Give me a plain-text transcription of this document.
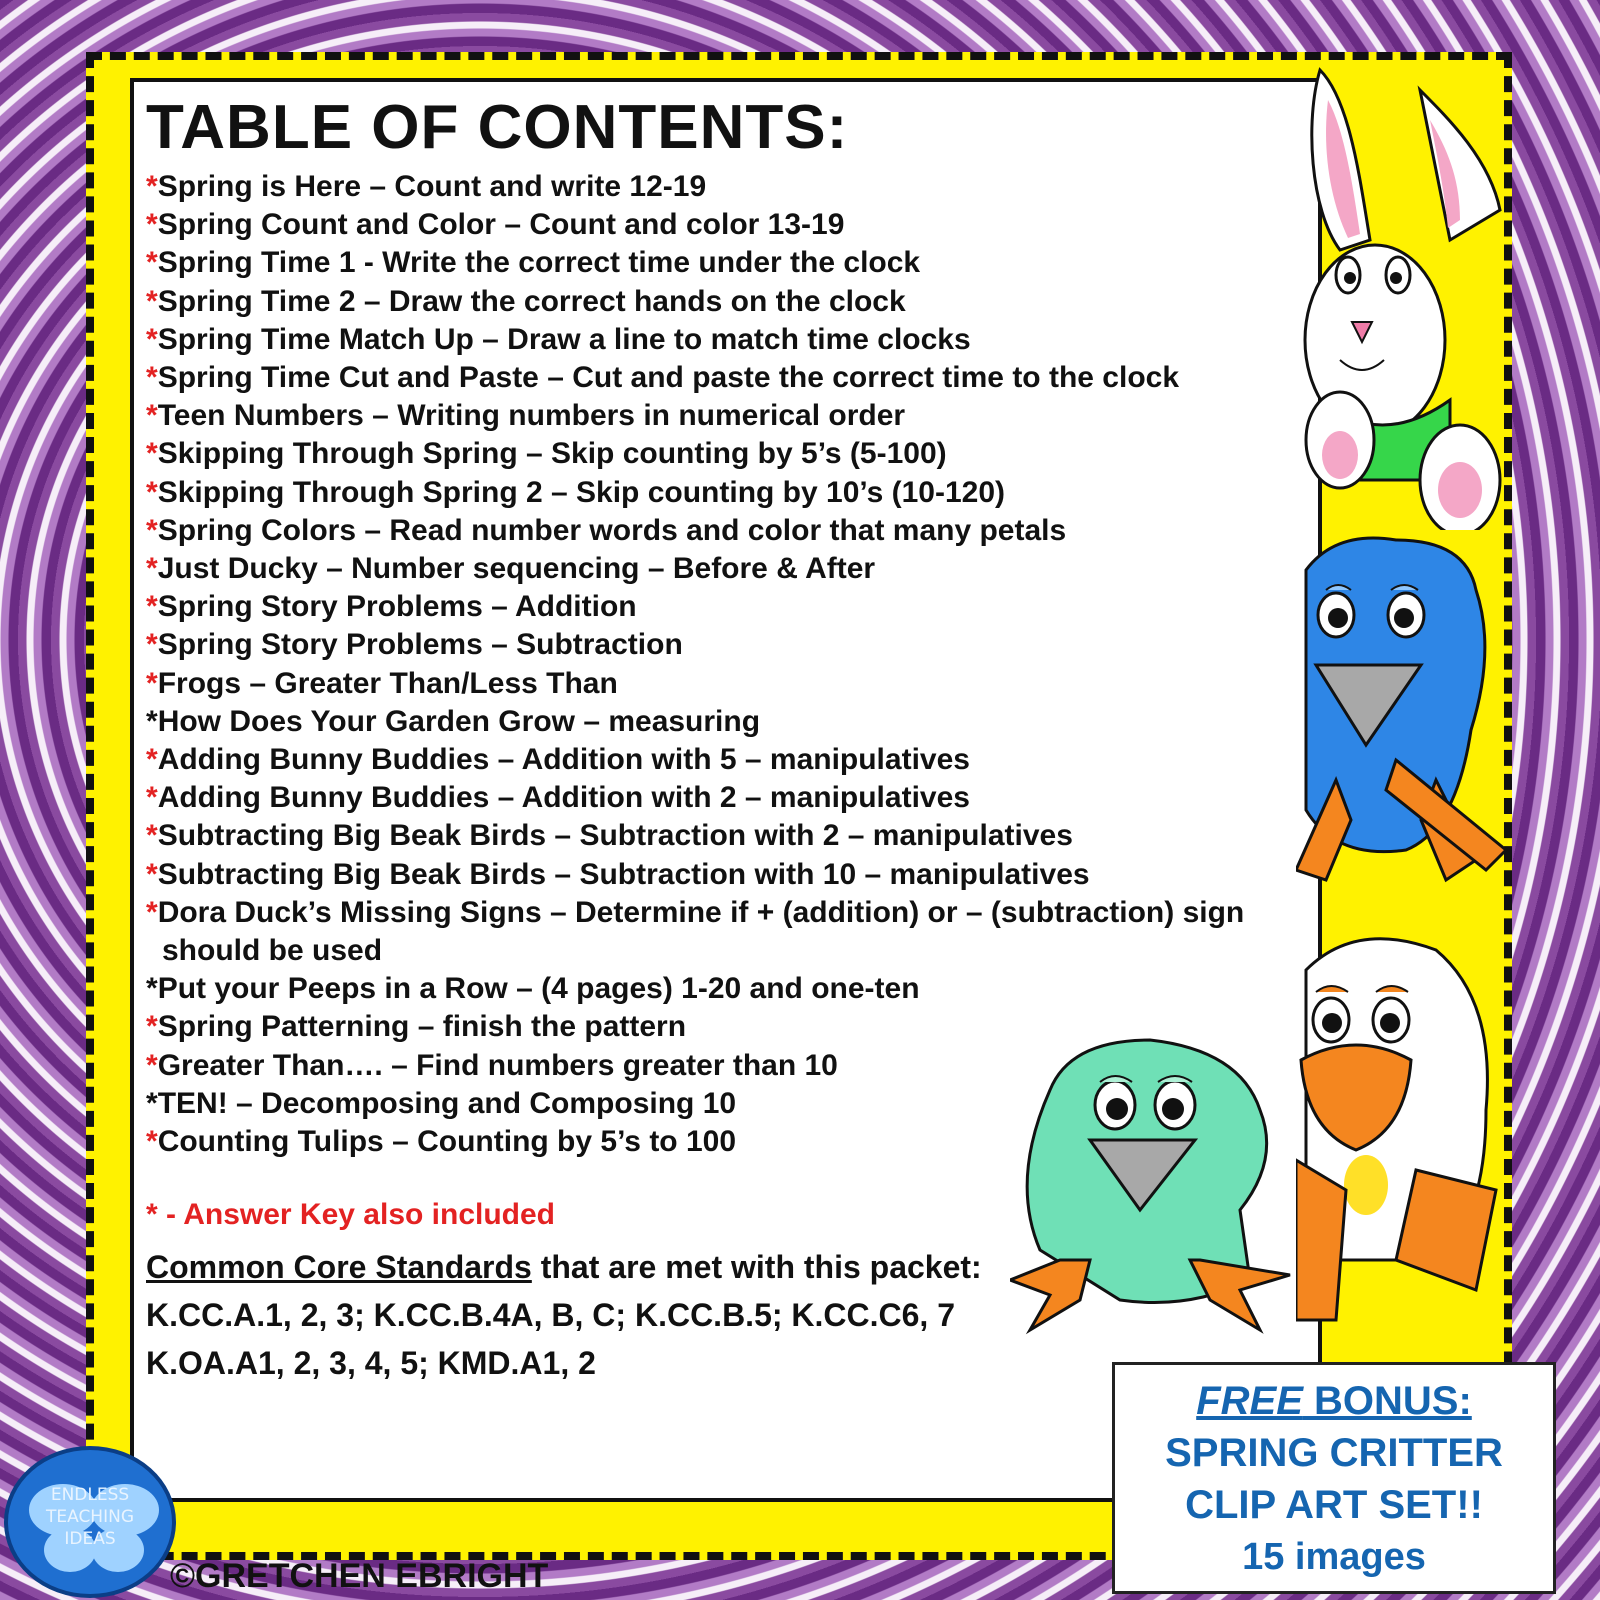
TABLE OF CONTENTS:
*Spring is Here – Count and write 12-19
*Spring Count and Color – Count and color 13-19
*Spring Time 1 - Write the correct time under the clock
*Spring Time 2 – Draw the correct hands on the clock
*Spring Time Match Up – Draw a line to match time clocks
*Spring Time Cut and Paste – Cut and paste the correct time to the clock
*Teen Numbers – Writing numbers in numerical order
*Skipping Through Spring – Skip counting by 5’s (5-100)
*Skipping Through Spring 2 – Skip counting by 10’s (10-120)
*Spring Colors – Read number words and color that many petals
*Just Ducky – Number sequencing – Before & After
*Spring Story Problems – Addition
*Spring Story Problems – Subtraction
*Frogs – Greater Than/Less Than
*How Does Your Garden Grow – measuring
*Adding Bunny Buddies – Addition with 5 – manipulatives
*Adding Bunny Buddies – Addition with 2 – manipulatives
*Subtracting Big Beak Birds – Subtraction with 2 – manipulatives
*Subtracting Big Beak Birds – Subtraction with 10 – manipulatives
*Dora Duck’s Missing Signs – Determine if + (addition) or – (subtraction) sign should be used
*Put your Peeps in a Row – (4 pages) 1-20 and one-ten
*Spring Patterning – finish the pattern
*Greater Than…. – Find numbers greater than 10
*TEN! – Decomposing and Composing 10
*Counting Tulips – Counting by 5’s to 100
* - Answer Key also included
Common Core Standards that are met with this packet:
K.CC.A.1, 2, 3; K.CC.B.4A, B, C; K.CC.B.5; K.CC.C6, 7
K.OA.A1, 2, 3, 4, 5; KMD.A1, 2
FREE BONUS:
SPRING CRITTER
CLIP ART SET!!
15 images
ENDLESS
TEACHING
IDEAS
©GRETCHEN EBRIGHT
